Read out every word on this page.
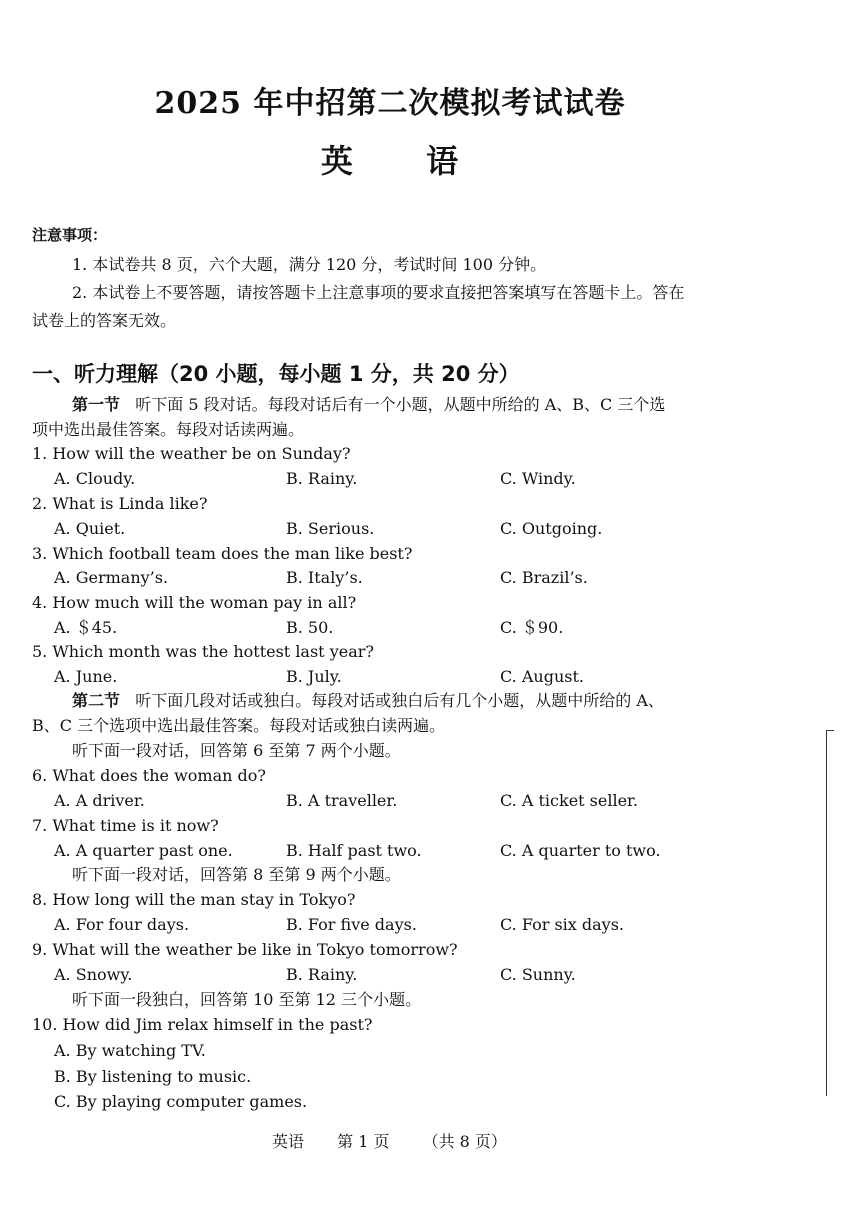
2025 年中招第二次模拟考试试卷
英 语
注意事项：
1. 本试卷共 8 页，六个大题，满分 120 分，考试时间 100 分钟。
2. 本试卷上不要答题，请按答题卡上注意事项的要求直接把答案填写在答题卡上。答在
试卷上的答案无效。
一、听力理解（20 小题，每小题 1 分，共 20 分）
第一节 听下面 5 段对话。每段对话后有一个小题，从题中所给的 A、B、C 三个选
项中选出最佳答案。每段对话读两遍。
1. How will the weather be on Sunday?
A. Cloudy.	B. Rainy.	C. Windy.
2. What is Linda like?
A. Quiet.	B. Serious.	C. Outgoing.
3. Which football team does the man like best?
A. Germany’s.	B. Italy’s.	C. Brazil’s.
4. How much will the woman pay in all?
A. ＄45.	B. 50.	C. ＄90.
5. Which month was the hottest last year?
A. June.	B. July.	C. August.
第二节 听下面几段对话或独白。每段对话或独白后有几个小题，从题中所给的 A、
B、C 三个选项中选出最佳答案。每段对话或独白读两遍。
听下面一段对话，回答第 6 至第 7 两个小题。
6. What does the woman do?
A. A driver.	B. A traveller.	C. A ticket seller.
7. What time is it now?
A. A quarter past one.	B. Half past two.	C. A quarter to two.
听下面一段对话，回答第 8 至第 9 两个小题。
8. How long will the man stay in Tokyo?
A. For four days.	B. For five days.	C. For six days.
9. What will the weather be like in Tokyo tomorrow?
A. Snowy.	B. Rainy.	C. Sunny.
听下面一段独白，回答第 10 至第 12 三个小题。
10. How did Jim relax himself in the past?
A. By watching TV.
B. By listening to music.
C. By playing computer games.
英语 第 1 页 （共 8 页）
